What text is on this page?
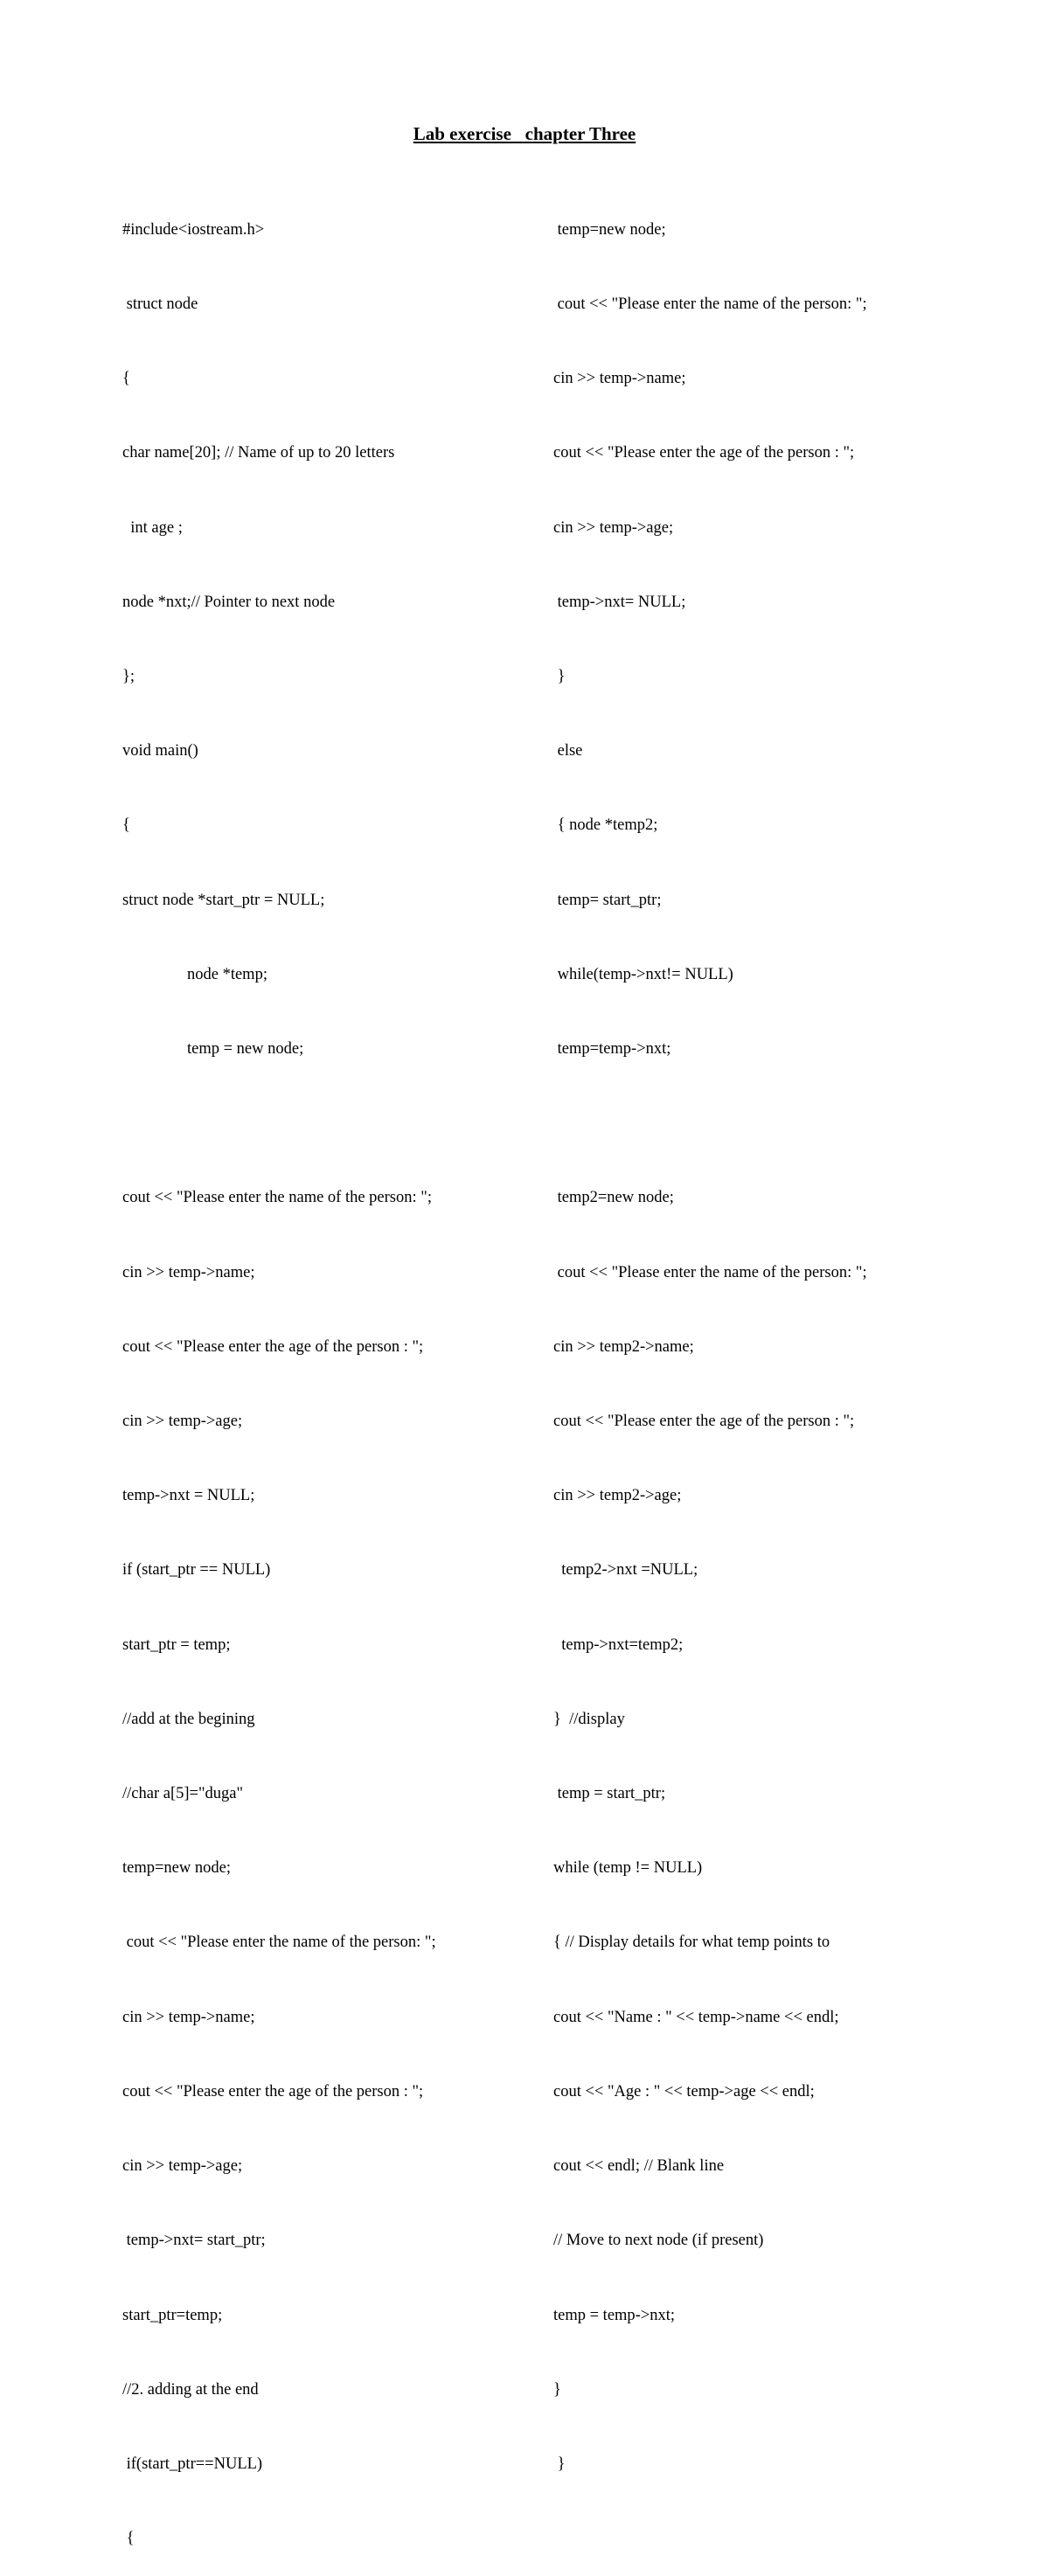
Lab exercise   chapter Three

#include<iostream.h>

struct node

{

char name[20]; // Name of up to 20 letters

int age ;

node *nxt;// Pointer to next node

};

void main()

{

struct node *start_ptr = NULL;

node *temp;

temp = new node;

cout << "Please enter the name of the person: ";

cin >> temp->name;

cout << "Please enter the age of the person : ";

cin >> temp->age;

temp->nxt = NULL;

if (start_ptr == NULL)

start_ptr = temp;

//add at the begining

//char a[5]="duga"

temp=new node;

cout << "Please enter the name of the person: ";

cin >> temp->name;

cout << "Please enter the age of the person : ";

cin >> temp->age;

temp->nxt= start_ptr;

start_ptr=temp;

//2. adding at the end

if(start_ptr==NULL)

{

temp=new node;

cout << "Please enter the name of the person: ";

cin >> temp->name;

cout << "Please enter the age of the person : ";

cin >> temp->age;

temp->nxt= NULL;

}

else

{ node *temp2;

temp= start_ptr;

while(temp->nxt!= NULL)

temp=temp->nxt;

temp2=new node;

cout << "Please enter the name of the person: ";

cin >> temp2->name;

cout << "Please enter the age of the person : ";

cin >> temp2->age;

temp2->nxt =NULL;

temp->nxt=temp2;

}  //display

temp = start_ptr;

while (temp != NULL)

{ // Display details for what temp points to

cout << "Name : " << temp->name << endl;

cout << "Age : " << temp->age << endl;

cout << endl; // Blank line

// Move to next node (if present)

temp = temp->nxt;

}

}
